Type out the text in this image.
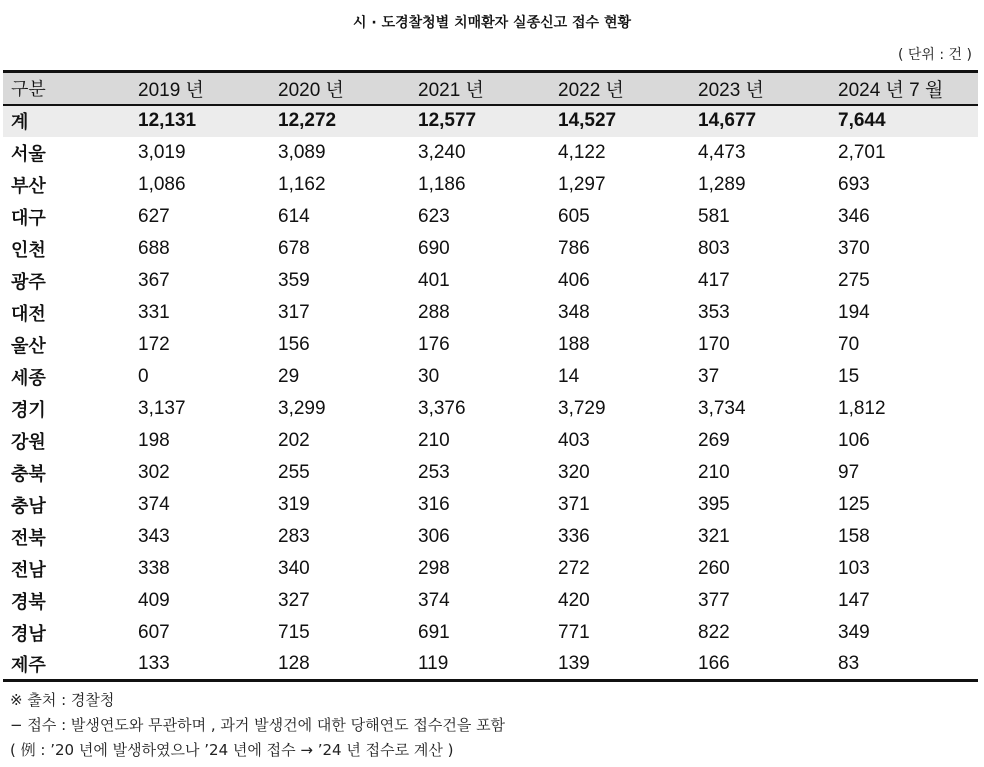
시 · 도경찰청별 치매환자 실종신고 접수 현황
( 단위 : 건 )
구분	2019 년	2020 년	2021 년	2022 년	2023 년	2024 년 7 월
계	12,131	12,272	12,577	14,527	14,677	7,644
서울	3,019	3,089	3,240	4,122	4,473	2,701
부산	1,086	1,162	1,186	1,297	1,289	693
대구	627	614	623	605	581	346
인천	688	678	690	786	803	370
광주	367	359	401	406	417	275
대전	331	317	288	348	353	194
울산	172	156	176	188	170	70
세종	0	29	30	14	37	15
경기	3,137	3,299	3,376	3,729	3,734	1,812
강원	198	202	210	403	269	106
충북	302	255	253	320	210	97
충남	374	319	316	371	395	125
전북	343	283	306	336	321	158
전남	338	340	298	272	260	103
경북	409	327	374	420	377	147
경남	607	715	691	771	822	349
제주	133	128	119	139	166	83
※ 출처 : 경찰청
− 접수 : 발생연도와 무관하며 , 과거 발생건에 대한 당해연도 접수건을 포함
( 例 : ’20 년에 발생하였으나 ’24 년에 접수 → ’24 년 접수로 계산 )
